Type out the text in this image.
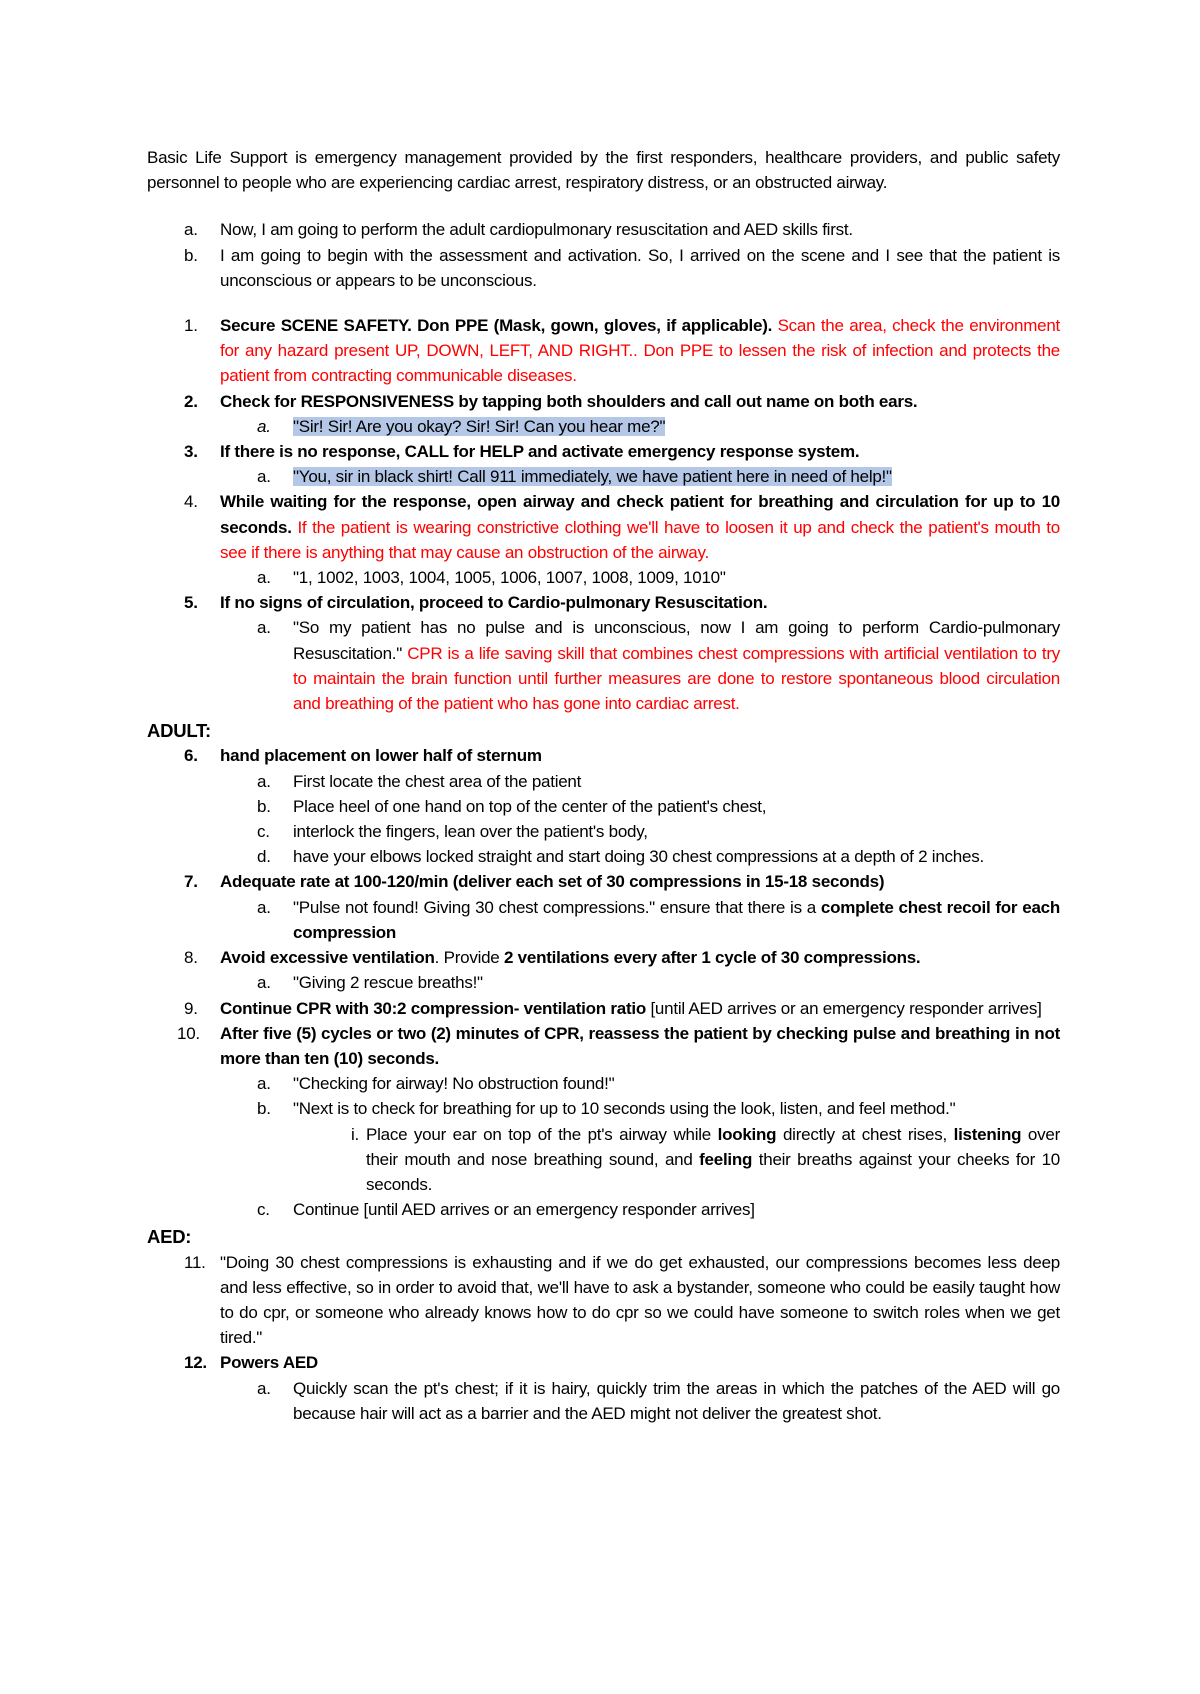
Basic Life Support is emergency management provided by the first responders, healthcare providers, and public safety personnel to people who are experiencing cardiac arrest, respiratory distress, or an obstructed airway.

a.	Now, I am going to perform the adult cardiopulmonary resuscitation and AED skills first.

b.	I am going to begin with the assessment and activation. So, I arrived on the scene and I see that the patient is unconscious or appears to be unconscious.

1.	Secure SCENE SAFETY. Don PPE (Mask, gown, gloves, if applicable). Scan the area, check the environment for any hazard present UP, DOWN, LEFT, AND RIGHT.. Don PPE to lessen the risk of infection and protects the patient from contracting communicable diseases.

2.	Check for RESPONSIVENESS by tapping both shoulders and call out name on both ears.

a.	"Sir! Sir! Are you okay? Sir! Sir! Can you hear me?"

3.	If there is no response, CALL for HELP and activate emergency response system.

a.	"You, sir in black shirt! Call 911 immediately, we have patient here in need of help!"

4.	While waiting for the response, open airway and check patient for breathing and circulation for up to 10 seconds. If the patient is wearing constrictive clothing we'll have to loosen it up and check the patient's mouth to see if there is anything that may cause an obstruction of the airway.

a.	"1, 1002, 1003, 1004, 1005, 1006, 1007, 1008, 1009, 1010"

5.	If no signs of circulation, proceed to Cardio-pulmonary Resuscitation.

a.	"So my patient has no pulse and is unconscious, now I am going to perform Cardio-pulmonary Resuscitation." CPR is a life saving skill that combines chest compressions with artificial ventilation to try to maintain the brain function until further measures are done to restore spontaneous blood circulation and breathing of the patient who has gone into cardiac arrest.

ADULT:

6.	hand placement on lower half of sternum

a.	First locate the chest area of the patient

b.	Place heel of one hand on top of the center of the patient's chest,

c.	interlock the fingers, lean over the patient's body,

d.	have your elbows locked straight and start doing 30 chest compressions at a depth of 2 inches.

7.	Adequate rate at 100-120/min (deliver each set of 30 compressions in 15-18 seconds)

a.	"Pulse not found! Giving 30 chest compressions." ensure that there is a complete chest recoil for each compression

8.	Avoid excessive ventilation. Provide 2 ventilations every after 1 cycle of 30 compressions.

a.	"Giving 2 rescue breaths!"

9.	Continue CPR with 30:2 compression- ventilation ratio [until AED arrives or an emergency responder arrives]

10.	After five (5) cycles or two (2) minutes of CPR, reassess the patient by checking pulse and breathing in not more than ten (10) seconds.

a.	"Checking for airway! No obstruction found!"

b.	"Next is to check for breathing for up to 10 seconds using the look, listen, and feel method."

i. Place your ear on top of the pt's airway while looking directly at chest rises, listening over their mouth and nose breathing sound, and feeling their breaths against your cheeks for 10 seconds.

c.	Continue [until AED arrives or an emergency responder arrives]

AED:

11. "Doing 30 chest compressions is exhausting and if we do get exhausted, our compressions becomes less deep and less effective, so in order to avoid that, we'll have to ask a bystander, someone who could be easily taught how to do cpr, or someone who already knows how to do cpr so we could have someone to switch roles when we get tired."

12. Powers AED

a.	Quickly scan the pt's chest; if it is hairy, quickly trim the areas in which the patches of the AED will go because hair will act as a barrier and the AED might not deliver the greatest shot.
